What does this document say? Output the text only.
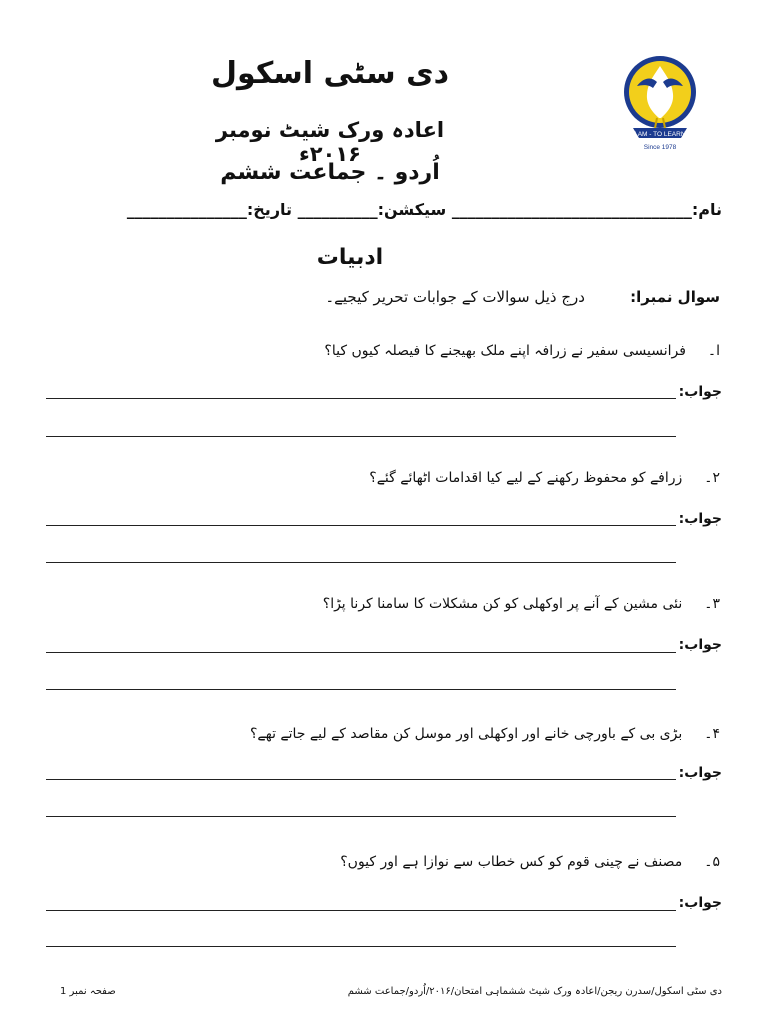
دی سٹی اسکول
اعادہ ورک شیٹ نومبر ۲۰۱۶ء
اُردو ۔ جماعت ششم
I AM - TO LEARN
Since 1978
نام:______________________________ سیکشن:__________ تاریخ:_______________
ادبیات
سوال نمبرا: درج ذیل سوالات کے جوابات تحریر کیجیے۔
ا۔فرانسیسی سفیر نے زرافہ اپنے ملک بھیجنے کا فیصلہ کیوں کیا؟
جواب:
۲۔زرافے کو محفوظ رکھنے کے لیے کیا اقدامات اٹھائے گئے؟
جواب:
۳۔نئی مشین کے آنے پر اوکھلی کو کن مشکلات کا سامنا کرنا پڑا؟
جواب:
۴۔بڑی بی کے باورچی خانے اور اوکھلی اور موسل کن مقاصد کے لیے جاتے تھے؟
جواب:
۵۔مصنف نے چینی قوم کو کس خطاب سے نوازا ہے اور کیوں؟
جواب:
صفحہ نمبر 1	دی سٹی اسکول/سدرن ریجن/اعادہ ورک شیٹ ششماہی امتحان/۲۰۱۶/اُردو/جماعت ششم
